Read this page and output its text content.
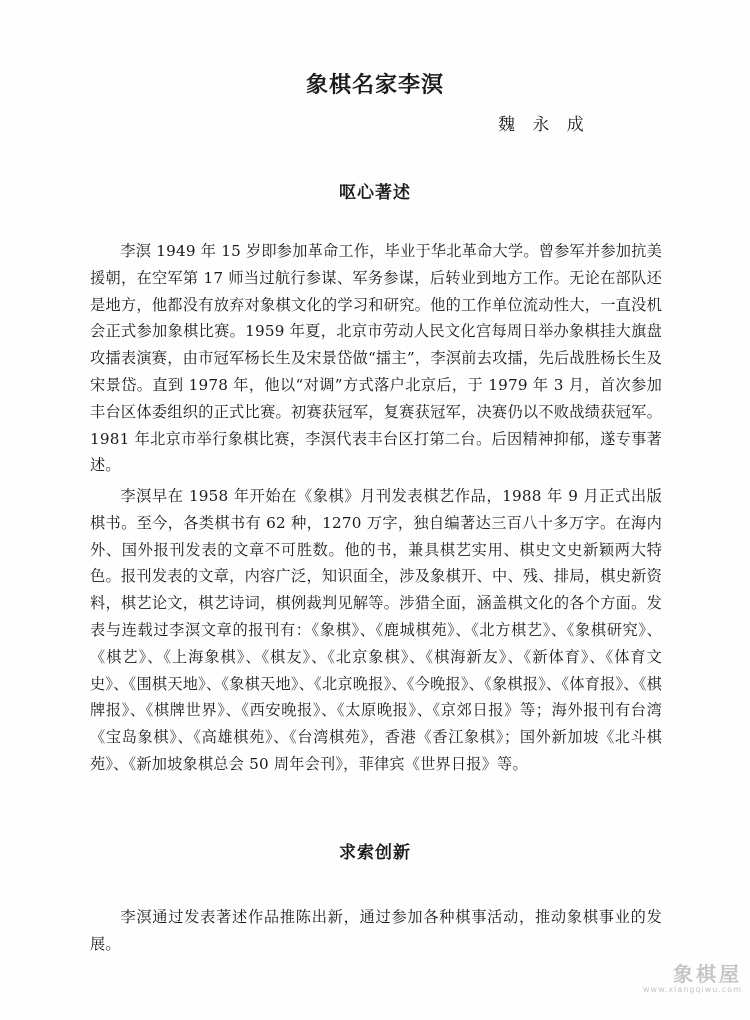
象棋名家李溟
魏 永 成
呕心著述

李溟 1949 年 15 岁即参加革命工作，毕业于华北革命大学。曾参军并参加抗美援朝，在空军第 17 师当过航行参谋、军务参谋，后转业到地方工作。无论在部队还是地方，他都没有放弃对象棋文化的学习和研究。他的工作单位流动性大，一直没机会正式参加象棋比赛。1959 年夏，北京市劳动人民文化宫每周日举办象棋挂大旗盘攻擂表演赛，由市冠军杨长生及宋景岱做“擂主”，李溟前去攻擂，先后战胜杨长生及宋景岱。直到 1978 年，他以“对调”方式落户北京后，于 1979 年 3 月，首次参加丰台区体委组织的正式比赛。初赛获冠军，复赛获冠军，决赛仍以不败战绩获冠军。1981 年北京市举行象棋比赛，李溟代表丰台区打第二台。后因精神抑郁，遂专事著述。

李溟早在 1958 年开始在《象棋》月刊发表棋艺作品，1988 年 9 月正式出版棋书。至今，各类棋书有 62 种，1270 万字，独自编著达三百八十多万字。在海内外、国外报刊发表的文章不可胜数。他的书，兼具棋艺实用、棋史文史新颖两大特色。报刊发表的文章，内容广泛，知识面全，涉及象棋开、中、残、排局，棋史新资料，棋艺论文，棋艺诗词，棋例裁判见解等。涉猎全面，涵盖棋文化的各个方面。发表与连载过李溟文章的报刊有：《象棋》、《鹿城棋苑》、《北方棋艺》、《象棋研究》、《棋艺》、《上海象棋》、《棋友》、《北京象棋》、《棋海新友》、《新体育》、《体育文史》、《围棋天地》、《象棋天地》、《北京晚报》、《今晚报》、《象棋报》、《体育报》、《棋牌报》、《棋牌世界》、《西安晚报》、《太原晚报》、《京郊日报》等；海外报刊有台湾《宝岛象棋》、《高雄棋苑》、《台湾棋苑》，香港《香江象棋》；国外新加坡《北斗棋苑》、《新加坡象棋总会 50 周年会刊》，菲律宾《世界日报》等。

求索创新

李溟通过发表著述作品推陈出新，通过参加各种棋事活动，推动象棋事业的发展。

象棋屋
www.xiangqiwu.com
